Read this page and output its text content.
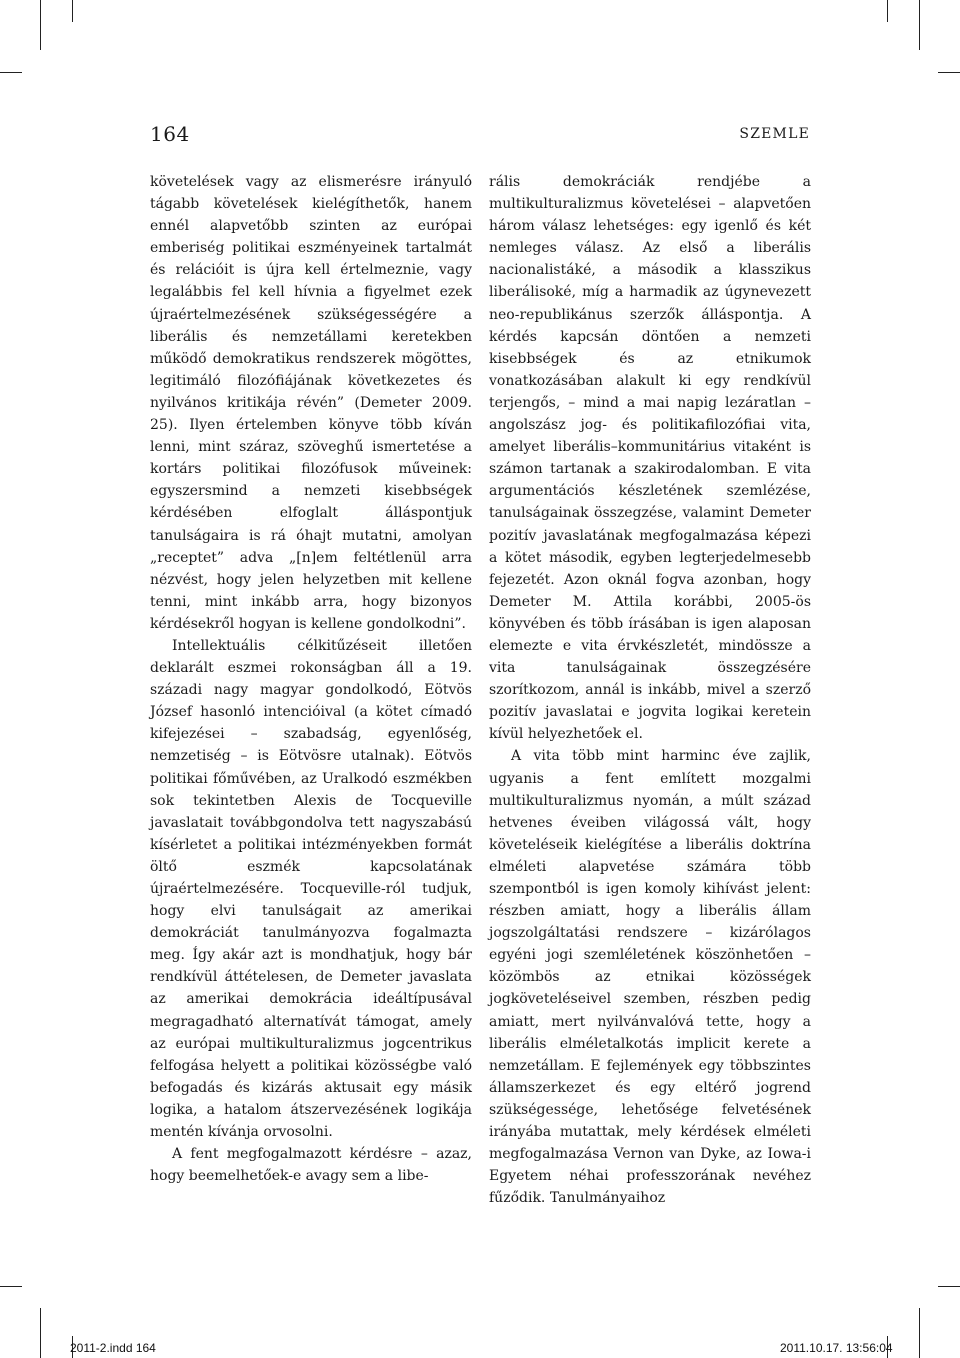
164	SZEMLE

követelések vagy az elismerésre irányuló tágabb követelések kielégíthetők, hanem ennél alapvetőbb szinten az európai emberiség politikai eszményeinek tartalmát és relációit is újra kell értelmeznie, vagy legalábbis fel kell hívnia a figyelmet ezek újraértelmezésének szükségességére a liberális és nemzetállami keretekben működő demokratikus rendszerek mögöttes, legitimáló filozófiájának következetes és nyilvános kritikája révén” (Demeter 2009. 25). Ilyen értelemben könyve több kíván lenni, mint száraz, szöveghű ismertetése a kortárs politikai filozófusok műveinek: egyszersmind a nemzeti kisebbségek kérdésében elfoglalt álláspontjuk tanulságaira is rá óhajt mutatni, amolyan „receptet” adva „[n]em feltétlenül arra nézvést, hogy jelen helyzetben mit kellene tenni, mint inkább arra, hogy bizonyos kérdésekről hogyan is kellene gondolkodni”.

Intellektuális célkitűzéseit illetően deklarált eszmei rokonságban áll a 19. századi nagy magyar gondolkodó, Eötvös József hasonló intencióival (a kötet címadó kifejezései – szabadság, egyenlőség, nemzetiség – is Eötvösre utalnak). Eötvös politikai főművében, az Uralkodó eszmékben sok tekintetben Alexis de Tocqueville javaslatait továbbgondolva tett nagyszabású kísérletet a politikai intézményekben formát öltő eszmék kapcsolatának újraértelmezésére. Tocqueville-ról tudjuk, hogy elvi tanulságait az amerikai demokráciát tanulmányozva fogalmazta meg. Így akár azt is mondhatjuk, hogy bár rendkívül áttételesen, de Demeter javaslata az amerikai demokrácia ideáltípusával megragadható alternatívát támogat, amely az európai multikulturalizmus jogcentrikus felfogása helyett a politikai közösségbe való befogadás és kizárás aktusait egy másik logika, a hatalom átszervezésének logikája mentén kívánja orvosolni.

A fent megfogalmazott kérdésre – azaz, hogy beemelhetőek-e avagy sem a libe-

rális demokráciák rendjébe a multikulturalizmus követelései – alapvetően három válasz lehetséges: egy igenlő és két nemleges válasz. Az első a liberális nacionalistáké, a második a klasszikus liberálisoké, míg a harmadik az úgynevezett neo-republikánus szerzők álláspontja. A kérdés kapcsán döntően a nemzeti kisebbségek és az etnikumok vonatkozásában alakult ki egy rendkívül terjengős, – mind a mai napig lezáratlan – angolszász jog- és politikafilozófiai vita, amelyet liberális–kommunitárius vitaként is számon tartanak a szakirodalomban. E vita argumentációs készletének szemlézése, tanulságainak összegzése, valamint Demeter pozitív javaslatának megfogalmazása képezi a kötet második, egyben legterjedelmesebb fejezetét. Azon oknál fogva azonban, hogy Demeter M. Attila korábbi, 2005-ös könyvében és több írásában is igen alaposan elemezte e vita érvkészletét, mindössze a vita tanulságainak összegzésére szorítkozom, annál is inkább, mivel a szerző pozitív javaslatai e jogvita logikai keretein kívül helyezhetőek el.

A vita több mint harminc éve zajlik, ugyanis a fent említett mozgalmi multikulturalizmus nyomán, a múlt század hetvenes éveiben világossá vált, hogy követeléseik kielégítése a liberális doktrína elméleti alapvetése számára több szempontból is igen komoly kihívást jelent: részben amiatt, hogy a liberális állam jogszolgáltatási rendszere – kizárólagos egyéni jogi szemléletének köszönhetően – közömbös az etnikai közösségek jogköveteléseivel szemben, részben pedig amiatt, mert nyilvánvalóvá tette, hogy a liberális elméletalkotás implicit kerete a nemzetállam. E fejlemények egy többszintes államszerkezet és egy eltérő jogrend szükségessége, lehetősége felvetésének irányába mutattak, mely kérdések elméleti megfogalmazása Vernon van Dyke, az Iowa-i Egyetem néhai professzorának nevéhez fűződik. Tanulmányaihoz

2011-2.indd 164	2011.10.17. 13:56:04
